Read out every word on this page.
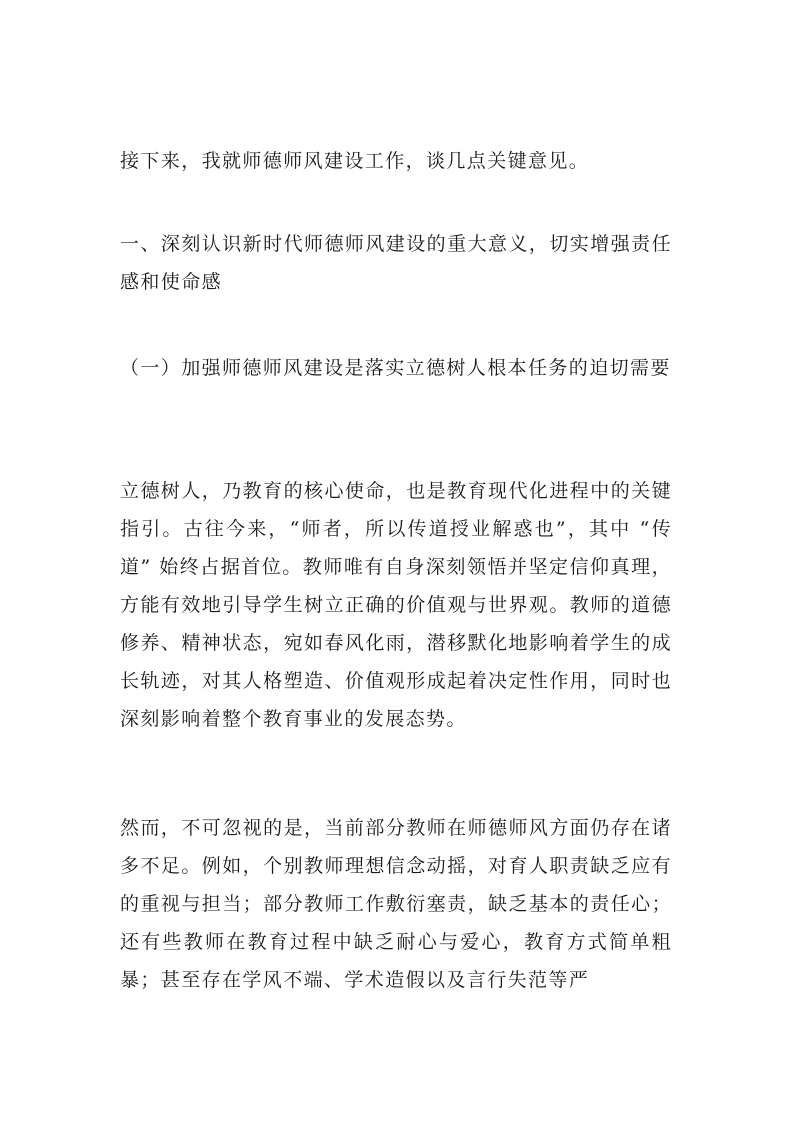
接下来，我就师德师风建设工作，谈几点关键意见。

一、深刻认识新时代师德师风建设的重大意义，切实增强责任感和使命感

（一）加强师德师风建设是落实立德树人根本任务的迫切需要

立德树人，乃教育的核心使命，也是教育现代化进程中的关键指引。古往今来，“师者，所以传道授业解惑也”，其中 “传道” 始终占据首位。教师唯有自身深刻领悟并坚定信仰真理，方能有效地引导学生树立正确的价值观与世界观。教师的道德修养、精神状态，宛如春风化雨，潜移默化地影响着学生的成长轨迹，对其人格塑造、价值观形成起着决定性作用，同时也深刻影响着整个教育事业的发展态势。

然而，不可忽视的是，当前部分教师在师德师风方面仍存在诸多不足。例如，个别教师理想信念动摇，对育人职责缺乏应有的重视与担当；部分教师工作敷衍塞责，缺乏基本的责任心；还有些教师在教育过程中缺乏耐心与爱心，教育方式简单粗暴；甚至存在学风不端、学术造假以及言行失范等严
